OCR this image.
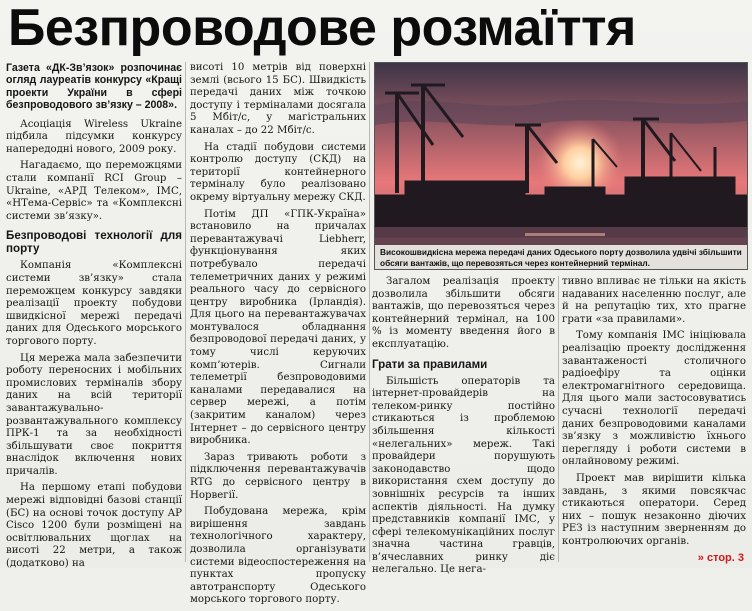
Безпроводове розмаїття

Газета «ДК-Зв’язок» розпочинає огляд лауреатів конкурсу «Кращі проекти України в сфері безпроводового зв’язку – 2008».

Асоціація Wireless Ukraine підбила підсумки конкурсу напередодні нового, 2009 року.

Нагадаємо, що переможцями стали компанії RCI Group – Ukraine, «АРД Телеком», ІМС, «НТема-Сервіс» та «Комплексні системи зв’язку».

Безпроводові технології для порту

Компанія «Комплексні системи зв’язку» стала переможцем конкурсу завдяки реалізації проекту побудови швидкісної мережі передачі даних для Одеського морського торгового порту.

Ця мережа мала забезпечити роботу переносних і мобільних промислових терміналів збору даних на всій території завантажувально-розвантажувального комплексу ПРК-1 та за необхідності збільшувати своє покриття внаслідок включення нових причалів.

На першому етапі побудови мережі відповідні базові станції (БС) на основі точок доступу AP Cisco 1200 були розміщені на освітлювальних щоглах на висоті 22 метри, а також (додатково) на

висоті 10 метрів від поверхні землі (всього 15 БС). Швидкість передачі даних між точкою доступу і терміналами досягала 5 Мбіт/с, у магістральних каналах – до 22 Мбіт/с.

На стадії побудови системи контролю доступу (СКД) на території контейнерного терміналу було реалізовано окрему віртуальну мережу СКД.

Потім ДП «ГПК-Україна» встановило на причалах перевантажувачі Liebherr, функціонування яких потребувало передачі телеметричних даних у режимі реального часу до сервісного центру виробника (Ірландія). Для цього на перевантажувачах монтувалося обладнання безпроводової передачі даних, у тому числі керуючих комп’ютерів. Сигнали телеметрії безпроводовими каналами передавалися на сервер мережі, а потім (закритим каналом) через Інтернет – до сервісного центру виробника.

Зараз тривають роботи з підключення перевантажувачів RTG до сервісного центру в Норвегії.

Побудована мережа, крім вирішення завдань технологічного характеру, дозволила організувати системи відеоспостереження на пунктах пропуску автотранспорту Одеського морського торгового порту.

Високошвидкісна мережа передачі даних Одеського порту дозволила удвічі збільшити обсяги вантажів, що перевозяться через контейнерний термінал.

Загалом реалізація проекту дозволила збільшити обсяги вантажів, що перевозяться через контейнерний термінал, на 100 % із моменту введення його в експлуатацію.

Грати за правилами

Більшість операторів та інтернет-провайдерів на телеком-ринку постійно стикаються із проблемою збільшення кількості «нелегальних» мереж. Такі провайдери порушують законодавство щодо використання схем доступу до зовнішніх ресурсів та інших аспектів діяльності. На думку представників компанії ІМС, у сфері телекомунікаційних послуг значна частина гравців, в’ячеславних ринку діє нелегально. Це нега-

тивно впливає не тільки на якість надаваних населенню послуг, але й на репутацію тих, хто прагне грати «за правилами».

Тому компанія ІМС ініціювала реалізацію проекту дослідження завантаженості столичного радіоефіру та оцінки електромагнітного середовища. Для цього мали застосовуватись сучасні технології передачі даних безпроводовими каналами зв’язку з можливістю їхнього перегляду і роботи системи в онлайновому режимі.

Проект мав вирішити кілька завдань, з якими повсякчас стикаються оператори. Серед них – пошук незаконно діючих РЕЗ із наступним зверненням до контролюючих органів.

» стор. 3
